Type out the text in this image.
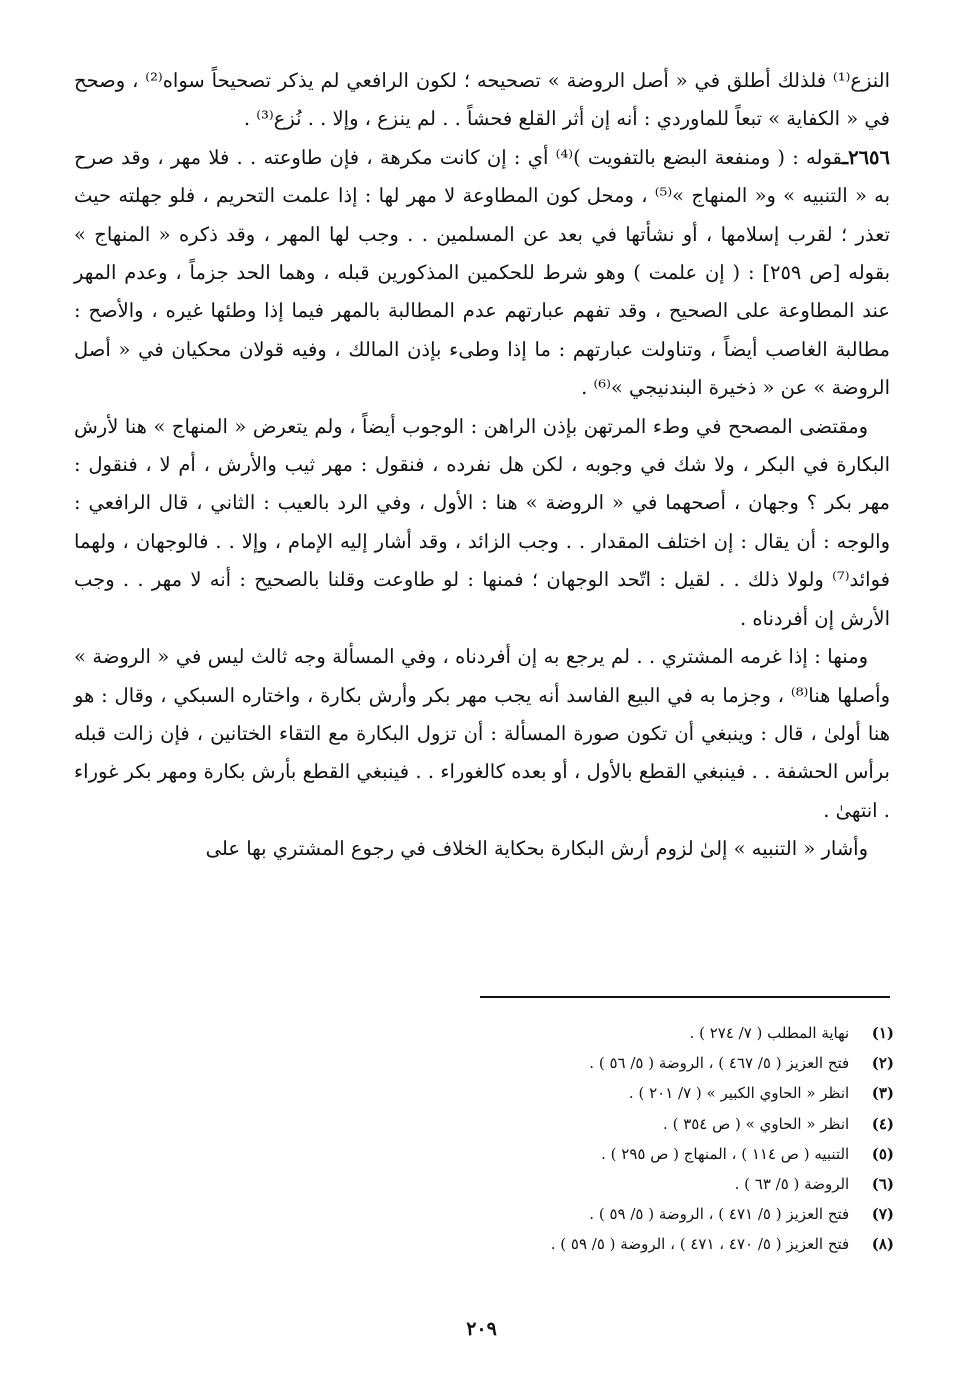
النزع⁽¹⁾ فلذلك أطلق في « أصل الروضة » تصحيحه ؛ لكون الرافعي لم يذكر تصحيحاً سواه⁽²⁾ ، وصحح في « الكفاية » تبعاً للماوردي : أنه إن أثر القلع فحشاً . . لم ينزع ، وإلا . . نُزع⁽³⁾ .

٢٦٥٦ـقوله : ( ومنفعة البضع بالتفويت )⁽⁴⁾ أي : إن كانت مكرهة ، فإن طاوعته . . فلا مهر ، وقد صرح به « التنبيه » و« المنهاج »⁽⁵⁾ ، ومحل كون المطاوعة لا مهر لها : إذا علمت التحريم ، فلو جهلته حيث تعذر ؛ لقرب إسلامها ، أو نشأتها في بعد عن المسلمين . . وجب لها المهر ، وقد ذكره « المنهاج » بقوله [ص ٢٥٩] : ( إن علمت ) وهو شرط للحكمين المذكورين قبله ، وهما الحد جزماً ، وعدم المهر عند المطاوعة على الصحيح ، وقد تفهم عبارتهم عدم المطالبة بالمهر فيما إذا وطئها غيره ، والأصح : مطالبة الغاصب أيضاً ، وتناولت عبارتهم : ما إذا وطىء بإذن المالك ، وفيه قولان محكيان في « أصل الروضة » عن « ذخيرة البندنيجي »⁽⁶⁾ .

ومقتضى المصحح في وطء المرتهن بإذن الراهن : الوجوب أيضاً ، ولم يتعرض « المنهاج » هنا لأرش البكارة في البكر ، ولا شك في وجوبه ، لكن هل نفرده ، فنقول : مهر ثيب والأرش ، أم لا ، فنقول : مهر بكر ؟ وجهان ، أصحهما في « الروضة » هنا : الأول ، وفي الرد بالعيب : الثاني ، قال الرافعي : والوجه : أن يقال : إن اختلف المقدار . . وجب الزائد ، وقد أشار إليه الإمام ، وإلا . . فالوجهان ، ولهما فوائد⁽⁷⁾ ولولا ذلك . . لقيل : اتّحد الوجهان ؛ فمنها : لو طاوعت وقلنا بالصحيح : أنه لا مهر . . وجب الأرش إن أفردناه .

ومنها : إذا غرمه المشتري . . لم يرجع به إن أفردناه ، وفي المسألة وجه ثالث ليس في « الروضة » وأصلها هنا⁽⁸⁾ ، وجزما به في البيع الفاسد أنه يجب مهر بكر وأرش بكارة ، واختاره السبكي ، وقال : هو هنا أولىٰ ، قال : وينبغي أن تكون صورة المسألة : أن تزول البكارة مع التقاء الختانين ، فإن زالت قبله برأس الحشفة . . فينبغي القطع بالأول ، أو بعده كالغوراء . . فينبغي القطع بأرش بكارة ومهر بكر غوراء . انتهىٰ .

وأشار « التنبيه » إلىٰ لزوم أرش البكارة بحكاية الخلاف في رجوع المشتري بها على

(١) نهاية المطلب ( ٧/ ٢٧٤ ) .
(٢) فتح العزيز ( ٥/ ٤٦٧ ) ، الروضة ( ٥/ ٥٦ ) .
(٣) انظر « الحاوي الكبير » ( ٧/ ٢٠١ ) .
(٤) انظر « الحاوي » ( ص ٣٥٤ ) .
(٥) التنبيه ( ص ١١٤ ) ، المنهاج ( ص ٢٩٥ ) .
(٦) الروضة ( ٥/ ٦٣ ) .
(٧) فتح العزيز ( ٥/ ٤٧١ ) ، الروضة ( ٥/ ٥٩ ) .
(٨) فتح العزيز ( ٥/ ٤٧٠ ، ٤٧١ ) ، الروضة ( ٥/ ٥٩ ) .
٢٠٩
